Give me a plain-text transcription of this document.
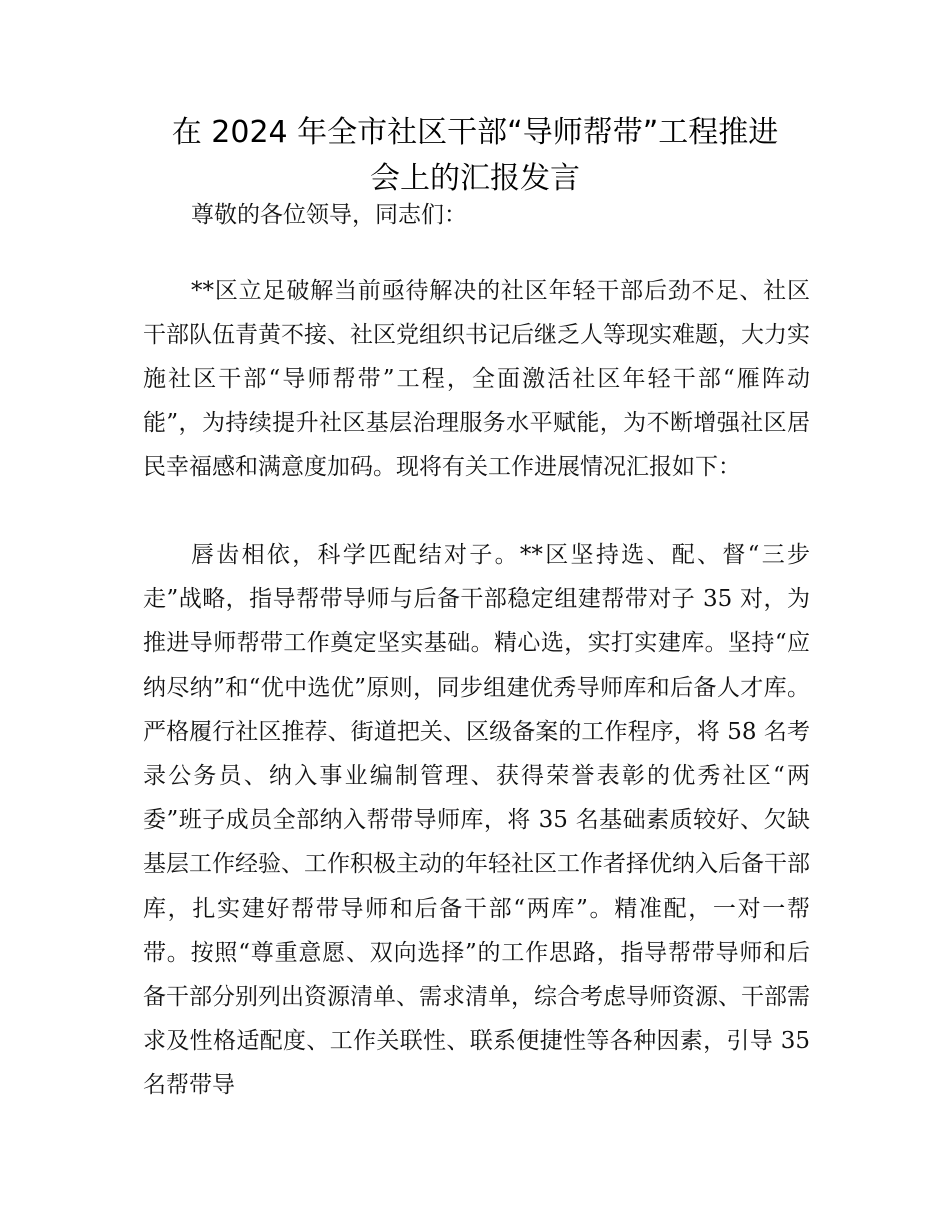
在 2024 年全市社区干部“导师帮带”工程推进
会上的汇报发言

尊敬的各位领导，同志们：

**区立足破解当前亟待解决的社区年轻干部后劲不足、社区干部队伍青黄不接、社区党组织书记后继乏人等现实难题，大力实施社区干部“导师帮带”工程，全面激活社区年轻干部“雁阵动能”，为持续提升社区基层治理服务水平赋能，为不断增强社区居民幸福感和满意度加码。现将有关工作进展情况汇报如下：

唇齿相依，科学匹配结对子。**区坚持选、配、督“三步走”战略，指导帮带导师与后备干部稳定组建帮带对子 35 对，为推进导师帮带工作奠定坚实基础。精心选，实打实建库。坚持“应纳尽纳”和“优中选优”原则，同步组建优秀导师库和后备人才库。严格履行社区推荐、街道把关、区级备案的工作程序，将 58 名考录公务员、纳入事业编制管理、获得荣誉表彰的优秀社区“两委”班子成员全部纳入帮带导师库，将 35 名基础素质较好、欠缺基层工作经验、工作积极主动的年轻社区工作者择优纳入后备干部库，扎实建好帮带导师和后备干部“两库”。精准配，一对一帮带。按照“尊重意愿、双向选择”的工作思路，指导帮带导师和后备干部分别列出资源清单、需求清单，综合考虑导师资源、干部需求及性格适配度、工作关联性、联系便捷性等各种因素，引导 35 名帮带导
